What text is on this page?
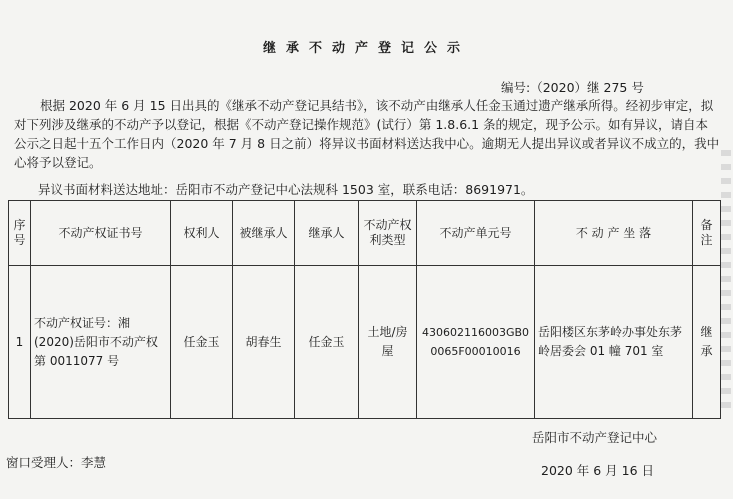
继承不动产登记公示
编号:（2020）继 275 号
根据 2020 年 6 月 15 日出具的《继承不动产登记具结书》，该不动产由继承人任金玉通过遗产继承所得。经初步审定，拟对下列涉及继承的不动产予以登记，根据《不动产登记操作规范》(试行）第 1.8.6.1 条的规定，现予公示。如有异议，请自本公示之日起十五个工作日内（2020 年 7 月 8 日之前）将异议书面材料送达我中心。逾期无人提出异议或者异议不成立的，我中心将予以登记。
异议书面材料送达地址：岳阳市不动产登记中心法规科 1503 室，联系电话：8691971。
序号	不动产权证书号	权利人	被继承人	继承人	不动产权利类型	不动产单元号	不 动 产 坐 落	备注
1	不动产权证号：湘(2020)岳阳市不动产权第 0011077 号	任金玉	胡春生	任金玉	土地/房屋	430602116003GB00065F00010016	岳阳楼区东茅岭办事处东茅岭居委会 01 幢 701 室	继承
岳阳市不动产登记中心
窗口受理人：李慧
2020 年 6 月 16 日
